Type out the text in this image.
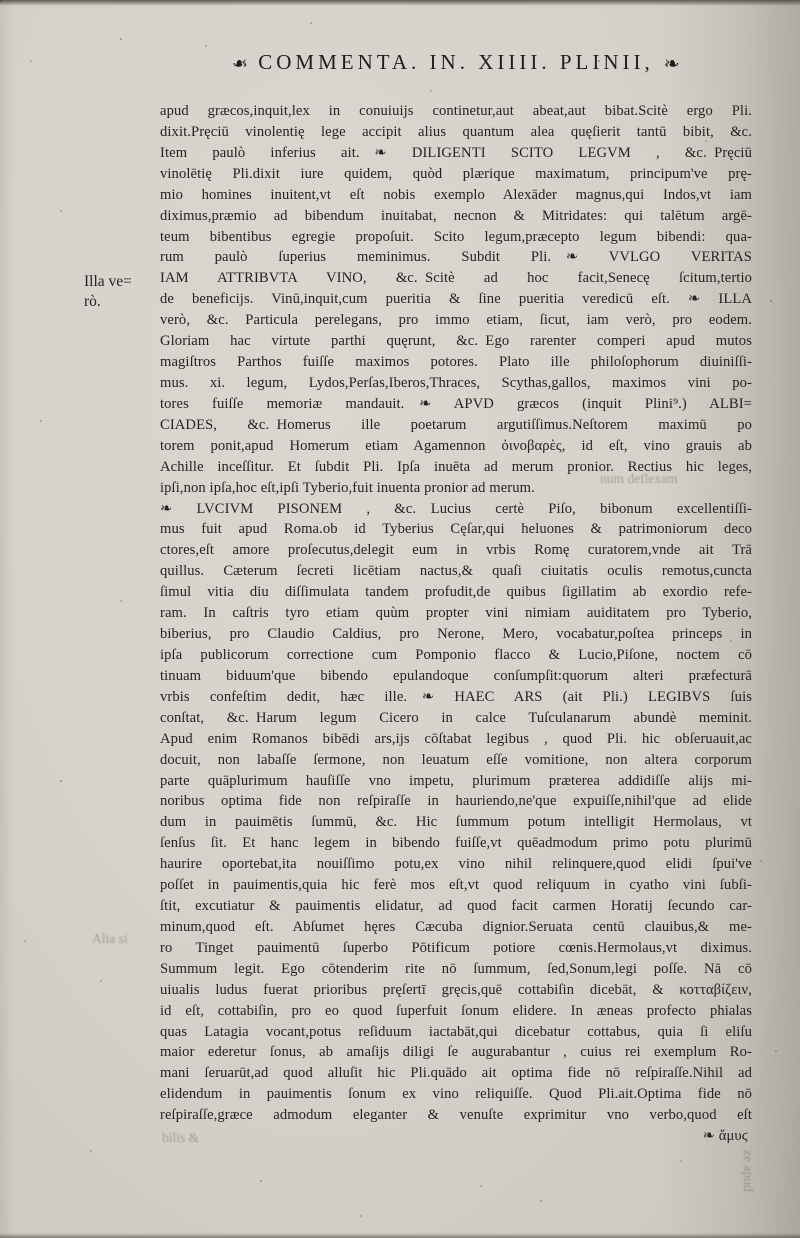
❧ COMMENTA. IN. XIIII. PLINII, ❧
Illa ve=
rò.
apud græcos,inquit,lex in conuiuijs continetur,aut abeat,aut bibat.Scitè ergo Pli.
dixit.Pręciū vinolentię lege accipit alius quantum alea quęſierit tantū bibit, &c.
Item paulò inferius ait. ❧ DILIGENTI SCITO LEGVM , &c. Pręciū
vinolētię Pli.dixit iure quidem, quòd plærique maximatum, principum've prę-
mio homines inuitent,vt eſt nobis exemplo Alexāder magnus,qui Indos,vt iam
diximus,præmio ad bibendum inuitabat, necnon & Mitridates: qui talētum argē-
teum bibentibus egregie propoſuit. Scito legum,præcepto legum bibendi: qua-
rum paulò ſuperius meminimus. Subdit Pli. ❧ VVLGO VERITAS
IAM ATTRIBVTA VINO, &c. Scitè ad hoc facit,Senecę ſcitum,tertio
de beneficijs. Vinū,inquit,cum pueritia & ſine pueritia veredicū eſt. ❧ ILLA
verò, &c. Particula perelegans, pro immo etiam, ſicut, iam verò, pro eodem.
Gloriam hac virtute parthi quęrunt, &c. Ego rarenter comperi apud mutos
magiſtros Parthos fuiſſe maximos potores. Plato ille philoſophorum diuiniſſi-
mus. xi. legum, Lydos,Perſas,Iberos,Thraces, Scythas,gallos, maximos vini po-
tores fuiſſe memoriæ mandauit. ❧ APVD græcos (inquit Plini⁹.) ALBI=
CIADES, &c. Homerus ille poetarum argutiſſimus.Neſtorem maximū po
torem ponit,apud Homerum etiam Agamennon ὀινοβαρὲς, id eſt, vino grauis ab
Achille inceſſitur. Et ſubdit Pli. Ipſa inuēta ad merum pronior. Rectius hic leges,
ipſi,non ipſa,hoc eſt,ipſi Tyberio,fuit inuenta pronior ad merum.
❧ LVCIVM PISONEM , &c. Lucius certè Piſo, bibonum excellentiſſi-
mus fuit apud Roma.ob id Tyberius Cęſar,qui heluones & patrimoniorum deco
ctores,eſt amore proſecutus,delegit eum in vrbis Romę curatorem,vnde ait Trā
quillus. Cæterum ſecreti licētiam nactus,& quaſi ciuitatis oculis remotus,cuncta
ſimul vitia diu diſſimulata tandem profudit,de quibus ſigillatim ab exordio refe-
ram. In caſtris tyro etiam quùm propter vini nimiam auiditatem pro Tyberio,
biberius, pro Claudio Caldius, pro Nerone, Mero, vocabatur,poſtea princeps in
ipſa publicorum correctione cum Pomponio flacco & Lucio,Piſone, noctem cō
tinuam biduum'que bibendo epulandoque conſumpſit:quorum alteri præfecturā
vrbis confeſtim dedit, hæc ille. ❧ HAEC ARS (ait Pli.) LEGIBVS ſuis
conſtat, &c. Harum legum Cicero in calce Tuſculanarum abundè meminit.
Apud enim Romanos bibēdi ars,ijs cōſtabat legibus , quod Pli. hic obſeruauit,ac
docuit, non labaſſe ſermone, non leuatum eſſe vomitione, non altera corporum
parte quāplurimum hauſiſſe vno impetu, plurimum præterea addidiſſe alijs mi-
noribus optima fide non reſpiraſſe in hauriendo,ne'que expuiſſe,nihil'que ad elide
dum in pauimētis ſummū, &c. Hic ſummum potum intelligit Hermolaus, vt
ſenſus ſit. Et hanc legem in bibendo fuiſſe,vt quēadmodum primo potu plurimū
haurire oportebat,ita nouiſſimo potu,ex vino nihil relinquere,quod elidi ſpui've
poſſet in pauimentis,quia hic ferè mos eſt,vt quod reliquum in cyatho vini ſubſi-
ſtit, excutiatur & pauimentis elidatur, ad quod facit carmen Horatij ſecundo car-
minum,quod eſt. Abſumet hęres Cæcuba dignior.Seruata centū clauibus,& me-
ro Tinget pauimentū ſuperbo Pōtificum potiore cœnis.Hermolaus,vt diximus.
Summum legit. Ego cōtenderim rite nō ſummum, ſed,Sonum,legi poſſe. Nā cō
uiualis ludus fuerat prioribus pręſertī gręcis,quē cottabiſin dicebāt, & κοτταβίζειν,
id eſt, cottabiſin, pro eo quod ſuperfuit ſonum elidere. In æneas profecto phialas
quas Latagia vocant,potus reſiduum iactabāt,qui dicebatur cottabus, quia ſi eliſu
maior ederetur ſonus, ab amaſijs diligi ſe augurabantur , cuius rei exemplum Ro-
mani ſeruarūt,ad quod alluſit hic Pli.quādo ait optima fide nō reſpiraſſe.Nihil ad
elidendum in pauimentis ſonum ex vino reliquiſſe. Quod Pli.ait.Optima fide nō
reſpiraſſe,græce admodum eleganter & venuſte exprimitur vno verbo,quod eſt
❧ ἄμυϛ
num deflexam
Alia si
bilis &
ze apud
